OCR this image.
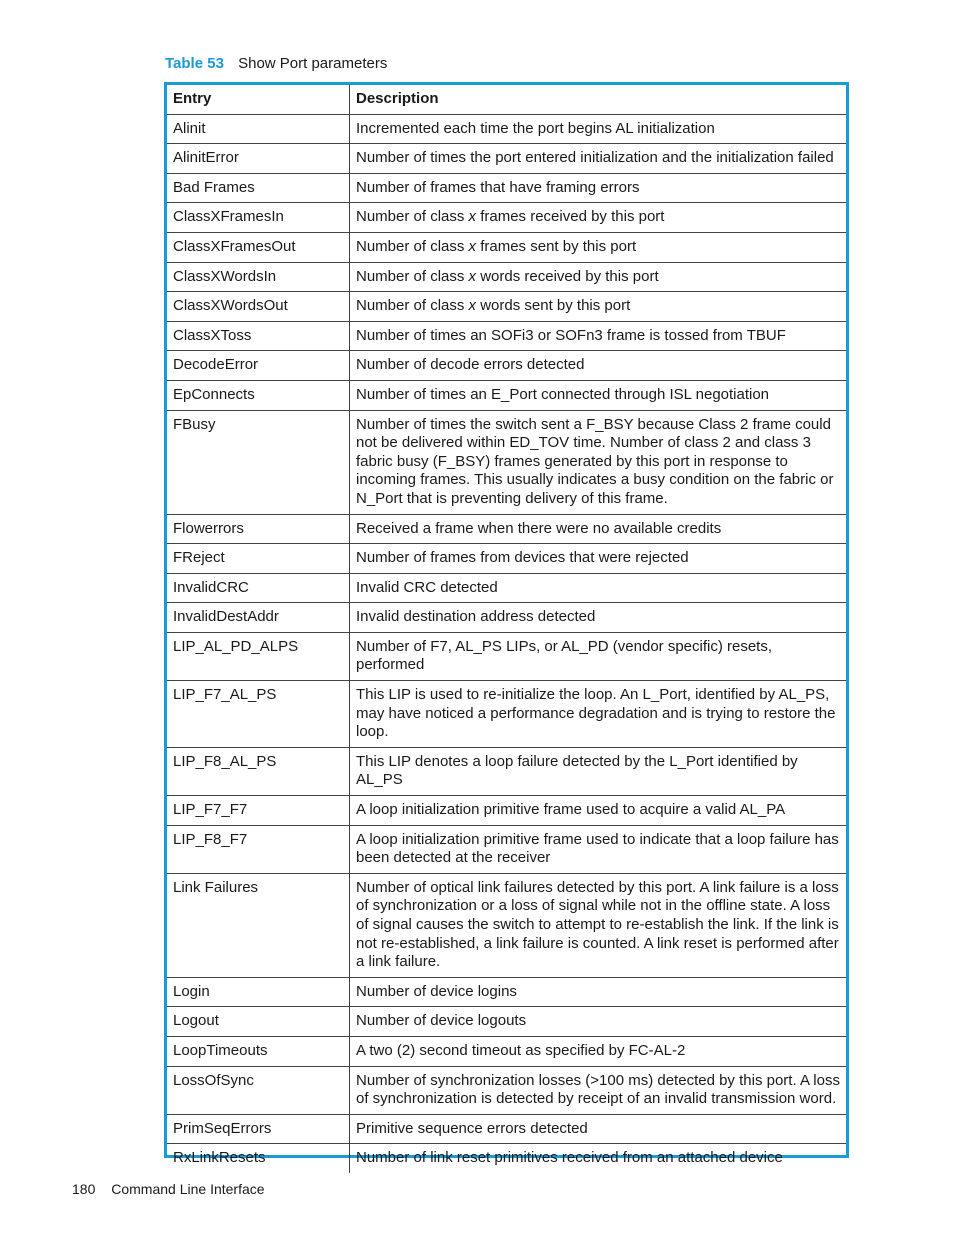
Table 53 Show Port parameters
Entry	Description
Alinit	Incremented each time the port begins AL initialization
AlinitError	Number of times the port entered initialization and the initialization failed
Bad Frames	Number of frames that have framing errors
ClassXFramesIn	Number of class x frames received by this port
ClassXFramesOut	Number of class x frames sent by this port
ClassXWordsIn	Number of class x words received by this port
ClassXWordsOut	Number of class x words sent by this port
ClassXToss	Number of times an SOFi3 or SOFn3 frame is tossed from TBUF
DecodeError	Number of decode errors detected
EpConnects	Number of times an E_Port connected through ISL negotiation
FBusy	Number of times the switch sent a F_BSY because Class 2 frame could not be delivered within ED_TOV time. Number of class 2 and class 3 fabric busy (F_BSY) frames generated by this port in response to incoming frames. This usually indicates a busy condition on the fabric or N_Port that is preventing delivery of this frame.
Flowerrors	Received a frame when there were no available credits
FReject	Number of frames from devices that were rejected
InvalidCRC	Invalid CRC detected
InvalidDestAddr	Invalid destination address detected
LIP_AL_PD_ALPS	Number of F7, AL_PS LIPs, or AL_PD (vendor specific) resets, performed
LIP_F7_AL_PS	This LIP is used to re-initialize the loop. An L_Port, identified by AL_PS, may have noticed a performance degradation and is trying to restore the loop.
LIP_F8_AL_PS	This LIP denotes a loop failure detected by the L_Port identified by AL_PS
LIP_F7_F7	A loop initialization primitive frame used to acquire a valid AL_PA
LIP_F8_F7	A loop initialization primitive frame used to indicate that a loop failure has been detected at the receiver
Link Failures	Number of optical link failures detected by this port. A link failure is a loss of synchronization or a loss of signal while not in the offline state. A loss of signal causes the switch to attempt to re-establish the link. If the link is not re-established, a link failure is counted. A link reset is performed after a link failure.
Login	Number of device logins
Logout	Number of device logouts
LoopTimeouts	A two (2) second timeout as specified by FC-AL-2
LossOfSync	Number of synchronization losses (>100 ms) detected by this port. A loss of synchronization is detected by receipt of an invalid transmission word.
PrimSeqErrors	Primitive sequence errors detected
RxLinkResets	Number of link reset primitives received from an attached device
180 Command Line Interface
